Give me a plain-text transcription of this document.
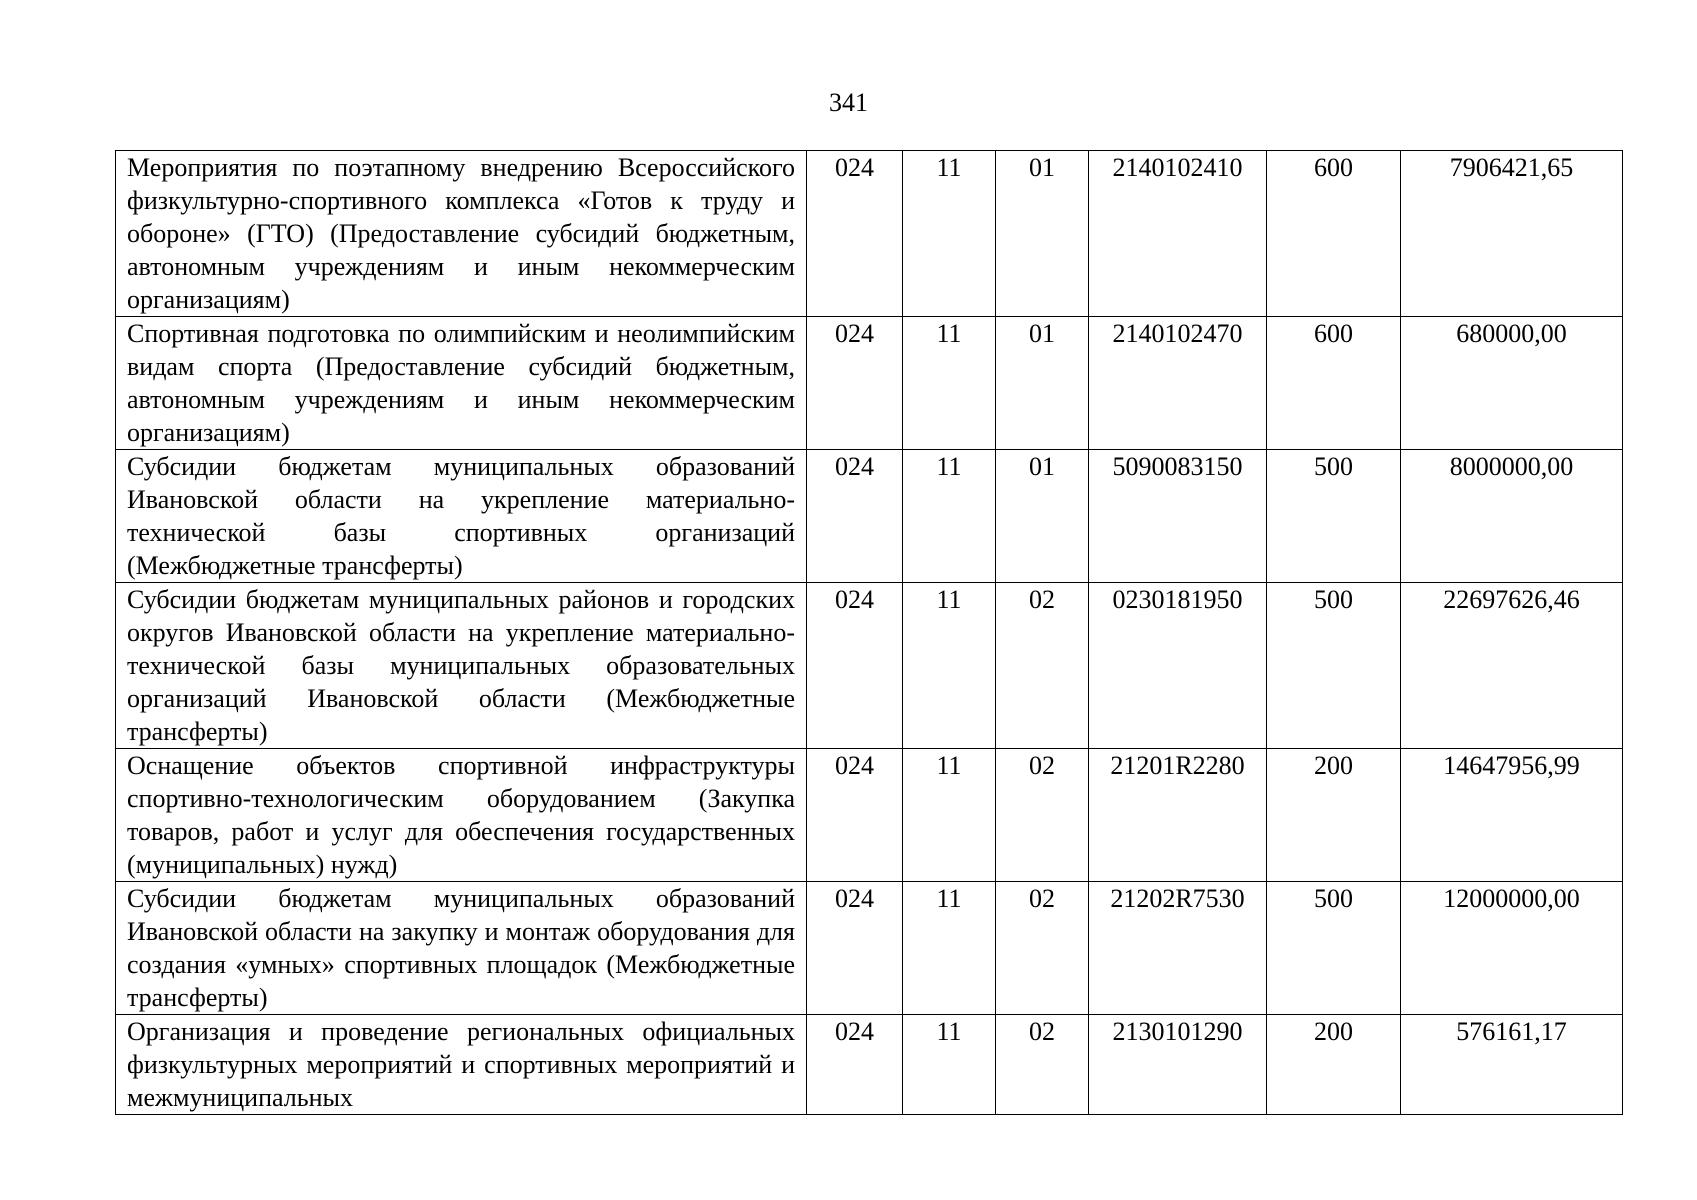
341
Мероприятия по поэтапному внедрению Всероссийского физкультурно-спортивного комплекса «Готов к труду и обороне» (ГТО) (Предоставление субсидий бюджетным, автономным учреждениям и иным некоммерческим организациям)	024	11	01	2140102410	600	7906421,65
Спортивная подготовка по олимпийским и неолимпийским видам спорта (Предоставление субсидий бюджетным, автономным учреждениям и иным некоммерческим организациям)	024	11	01	2140102470	600	680000,00
Субсидии бюджетам муниципальных образований Ивановской области на укрепление материально-технической базы спортивных организаций (Межбюджетные трансферты)	024	11	01	5090083150	500	8000000,00
Субсидии бюджетам муниципальных районов и городских округов Ивановской области на укрепление материально-технической базы муниципальных образовательных организаций Ивановской области (Межбюджетные трансферты)	024	11	02	0230181950	500	22697626,46
Оснащение объектов спортивной инфраструктуры спортивно-технологическим оборудованием (Закупка товаров, работ и услуг для обеспечения государственных (муниципальных) нужд)	024	11	02	21201R2280	200	14647956,99
Субсидии бюджетам муниципальных образований Ивановской области на закупку и монтаж оборудования для создания «умных» спортивных площадок (Межбюджетные трансферты)	024	11	02	21202R7530	500	12000000,00
Организация и проведение региональных официальных физкультурных мероприятий и спортивных мероприятий и межмуниципальных	024	11	02	2130101290	200	576161,17
